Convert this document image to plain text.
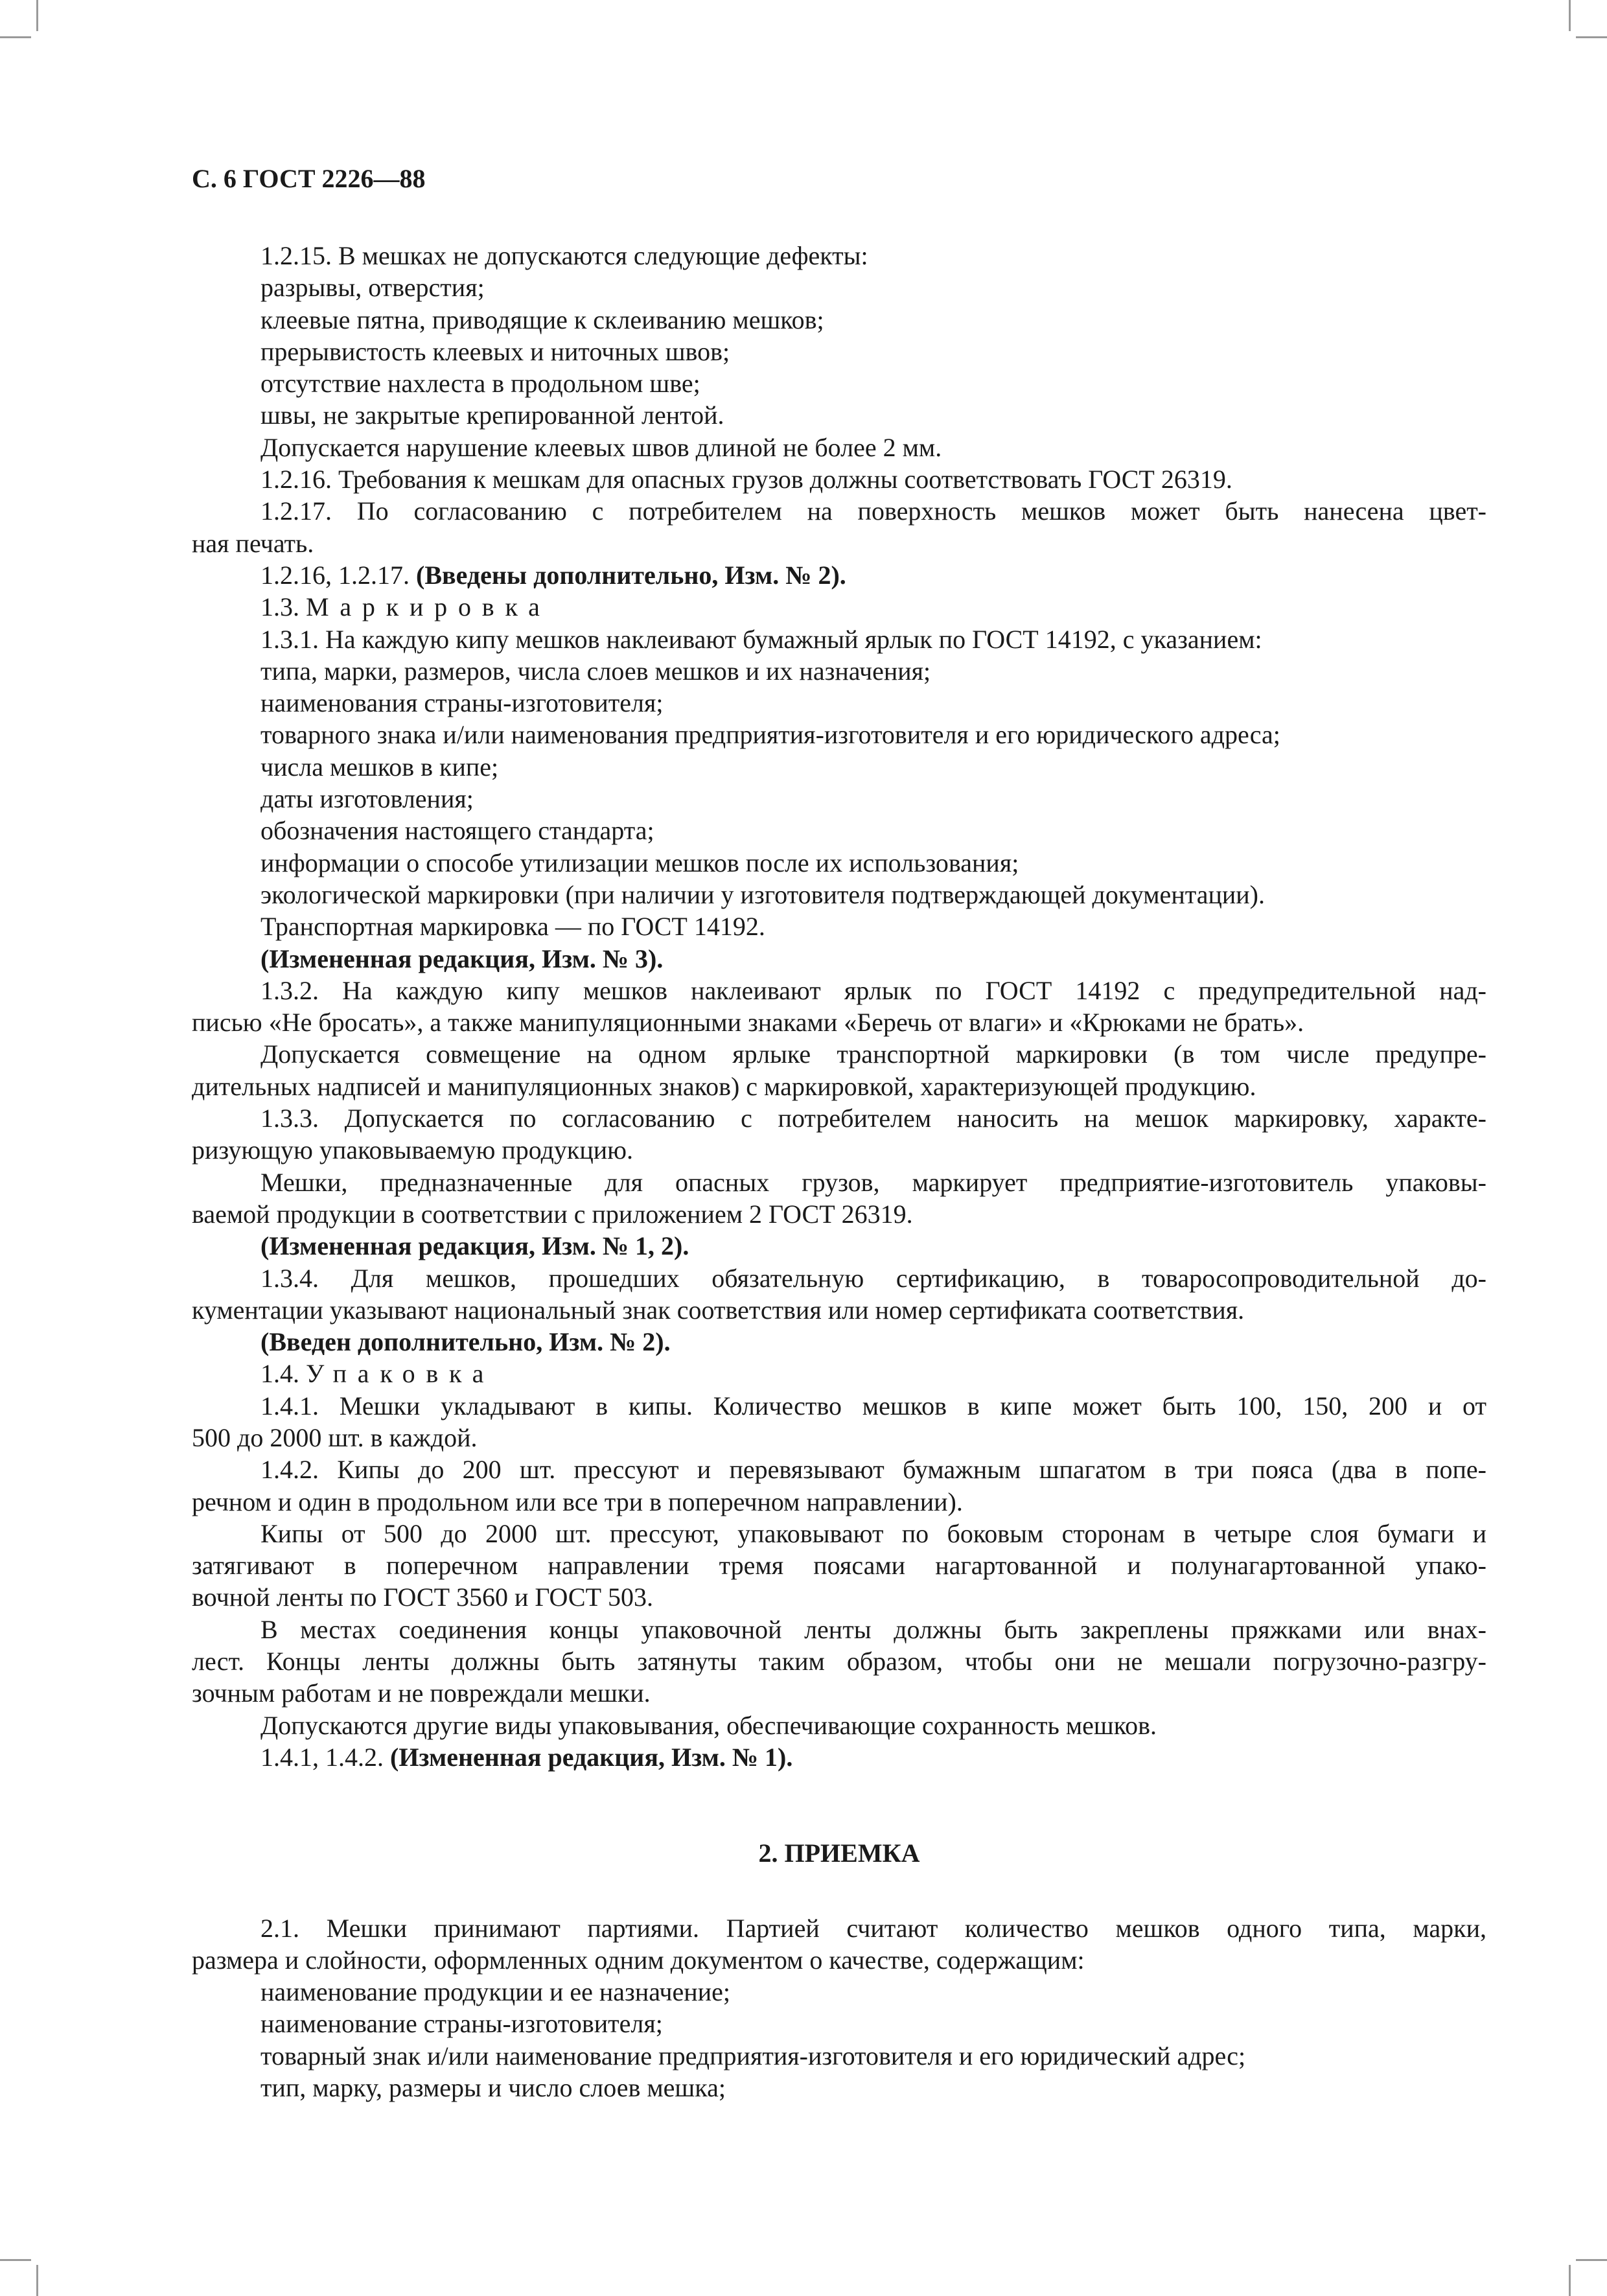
С. 6 ГОСТ 2226—88
1.2.15. В мешках не допускаются следующие дефекты:
разрывы, отверстия;
клеевые пятна, приводящие к склеиванию мешков;
прерывистость клеевых и ниточных швов;
отсутствие нахлеста в продольном шве;
швы, не закрытые крепированной лентой.
Допускается нарушение клеевых швов длиной не более 2 мм.
1.2.16. Требования к мешкам для опасных грузов должны соответствовать ГОСТ 26319.
1.2.17. По согласованию с потребителем на поверхность мешков может быть нанесена цвет-
ная печать.
1.2.16, 1.2.17. (Введены дополнительно, Изм. № 2).
1.3. Маркировка
1.3.1. На каждую кипу мешков наклеивают бумажный ярлык по ГОСТ 14192, с указанием:
типа, марки, размеров, числа слоев мешков и их назначения;
наименования страны-изготовителя;
товарного знака и/или наименования предприятия-изготовителя и его юридического адреса;
числа мешков в кипе;
даты изготовления;
обозначения настоящего стандарта;
информации о способе утилизации мешков после их использования;
экологической маркировки (при наличии у изготовителя подтверждающей документации).
Транспортная маркировка — по ГОСТ 14192.
(Измененная редакция, Изм. № 3).
1.3.2. На каждую кипу мешков наклеивают ярлык по ГОСТ 14192 с предупредительной над-
писью «Не бросать», а также манипуляционными знаками «Беречь от влаги» и «Крюками не брать».
Допускается совмещение на одном ярлыке транспортной маркировки (в том числе предупре-
дительных надписей и манипуляционных знаков) с маркировкой, характеризующей продукцию.
1.3.3. Допускается по согласованию с потребителем наносить на мешок маркировку, характе-
ризующую упаковываемую продукцию.
Мешки, предназначенные для опасных грузов, маркирует предприятие-изготовитель упаковы-
ваемой продукции в соответствии с приложением 2 ГОСТ 26319.
(Измененная редакция, Изм. № 1, 2).
1.3.4. Для мешков, прошедших обязательную сертификацию, в товаросопроводительной до-
кументации указывают национальный знак соответствия или номер сертификата соответствия.
(Введен дополнительно, Изм. № 2).
1.4. Упаковка
1.4.1. Мешки укладывают в кипы. Количество мешков в кипе может быть 100, 150, 200 и от
500 до 2000 шт. в каждой.
1.4.2. Кипы до 200 шт. прессуют и перевязывают бумажным шпагатом в три пояса (два в попе-
речном и один в продольном или все три в поперечном направлении).
Кипы от 500 до 2000 шт. прессуют, упаковывают по боковым сторонам в четыре слоя бумаги и
затягивают в поперечном направлении тремя поясами нагартованной и полунагартованной упако-
вочной ленты по ГОСТ 3560 и ГОСТ 503.
В местах соединения концы упаковочной ленты должны быть закреплены пряжками или внах-
лест. Концы ленты должны быть затянуты таким образом, чтобы они не мешали погрузочно-разгру-
зочным работам и не повреждали мешки.
Допускаются другие виды упаковывания, обеспечивающие сохранность мешков.
1.4.1, 1.4.2. (Измененная редакция, Изм. № 1).
2. ПРИЕМКА
2.1. Мешки принимают партиями. Партией считают количество мешков одного типа, марки,
размера и слойности, оформленных одним документом о качестве, содержащим:
наименование продукции и ее назначение;
наименование страны-изготовителя;
товарный знак и/или наименование предприятия-изготовителя и его юридический адрес;
тип, марку, размеры и число слоев мешка;
